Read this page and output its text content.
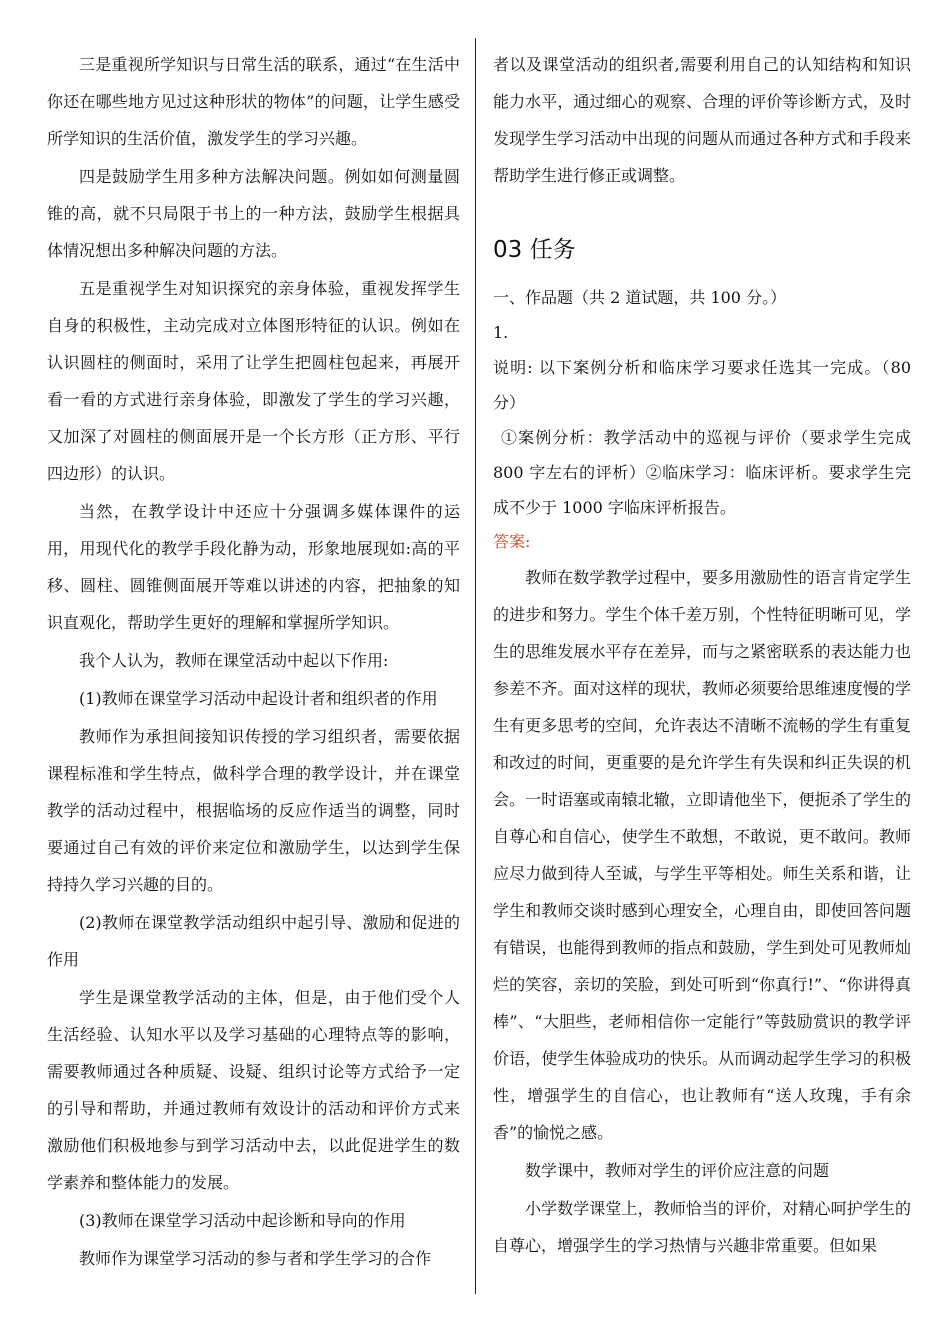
三是重视所学知识与日常生活的联系，通过“在生活中你还在哪些地方见过这种形状的物体”的问题，让学生感受所学知识的生活价值，激发学生的学习兴趣。

四是鼓励学生用多种方法解决问题。例如如何测量圆锥的高，就不只局限于书上的一种方法，鼓励学生根据具体情况想出多种解决问题的方法。

五是重视学生对知识探究的亲身体验，重视发挥学生自身的积极性，主动完成对立体图形特征的认识。例如在认识圆柱的侧面时，采用了让学生把圆柱包起来，再展开看一看的方式进行亲身体验，即激发了学生的学习兴趣，又加深了对圆柱的侧面展开是一个长方形（正方形、平行四边形）的认识。

当然，在教学设计中还应十分强调多媒体课件的运用，用现代化的教学手段化静为动，形象地展现如:高的平移、圆柱、圆锥侧面展开等难以讲述的内容，把抽象的知识直观化，帮助学生更好的理解和掌握所学知识。

我个人认为，教师在课堂活动中起以下作用:

(1)教师在课堂学习活动中起设计者和组织者的作用

教师作为承担间接知识传授的学习组织者，需要依据课程标准和学生特点，做科学合理的教学设计，并在课堂教学的活动过程中，根据临场的反应作适当的调整，同时要通过自己有效的评价来定位和激励学生，以达到学生保持持久学习兴趣的目的。

(2)教师在课堂教学活动组织中起引导、激励和促进的作用

学生是课堂教学活动的主体，但是，由于他们受个人生活经验、认知水平以及学习基础的心理特点等的影响，需要教师通过各种质疑、设疑、组织讨论等方式给予一定的引导和帮助，并通过教师有效设计的活动和评价方式来激励他们积极地参与到学习活动中去，以此促进学生的数学素养和整体能力的发展。

(3)教师在课堂学习活动中起诊断和导向的作用

教师作为课堂学习活动的参与者和学生学习的合作

者以及课堂活动的组织者,需要利用自己的认知结构和知识能力水平，通过细心的观察、合理的评价等诊断方式，及时发现学生学习活动中出现的问题从而通过各种方式和手段来帮助学生进行修正或调整。

03 任务

一、作品题（共 2 道试题，共 100 分。）

1.

说明: 以下案例分析和临床学习要求任选其一完成。（80 分）

①案例分析：教学活动中的巡视与评价（要求学生完成 800 字左右的评析）②临床学习：临床评析。要求学生完成不少于 1000 字临床评析报告。

答案:

教师在数学教学过程中，要多用激励性的语言肯定学生的进步和努力。学生个体千差万别，个性特征明晰可见，学生的思维发展水平存在差异，而与之紧密联系的表达能力也参差不齐。面对这样的现状，教师必须要给思维速度慢的学生有更多思考的空间，允许表达不清晰不流畅的学生有重复和改过的时间，更重要的是允许学生有失误和纠正失误的机会。一时语塞或南辕北辙，立即请他坐下，便扼杀了学生的自尊心和自信心，使学生不敢想，不敢说，更不敢问。教师应尽力做到待人至诚，与学生平等相处。师生关系和谐，让学生和教师交谈时感到心理安全，心理自由，即使回答问题有错误，也能得到教师的指点和鼓励，学生到处可见教师灿烂的笑容，亲切的笑脸，到处可听到“你真行!”、“你讲得真棒”、“大胆些，老师相信你一定能行”等鼓励赏识的教学评价语，使学生体验成功的快乐。从而调动起学生学习的积极性，增强学生的自信心，也让教师有“送人玫瑰，手有余香”的愉悦之感。

数学课中，教师对学生的评价应注意的问题

小学数学课堂上，教师恰当的评价，对精心呵护学生的自尊心，增强学生的学习热情与兴趣非常重要。但如果
